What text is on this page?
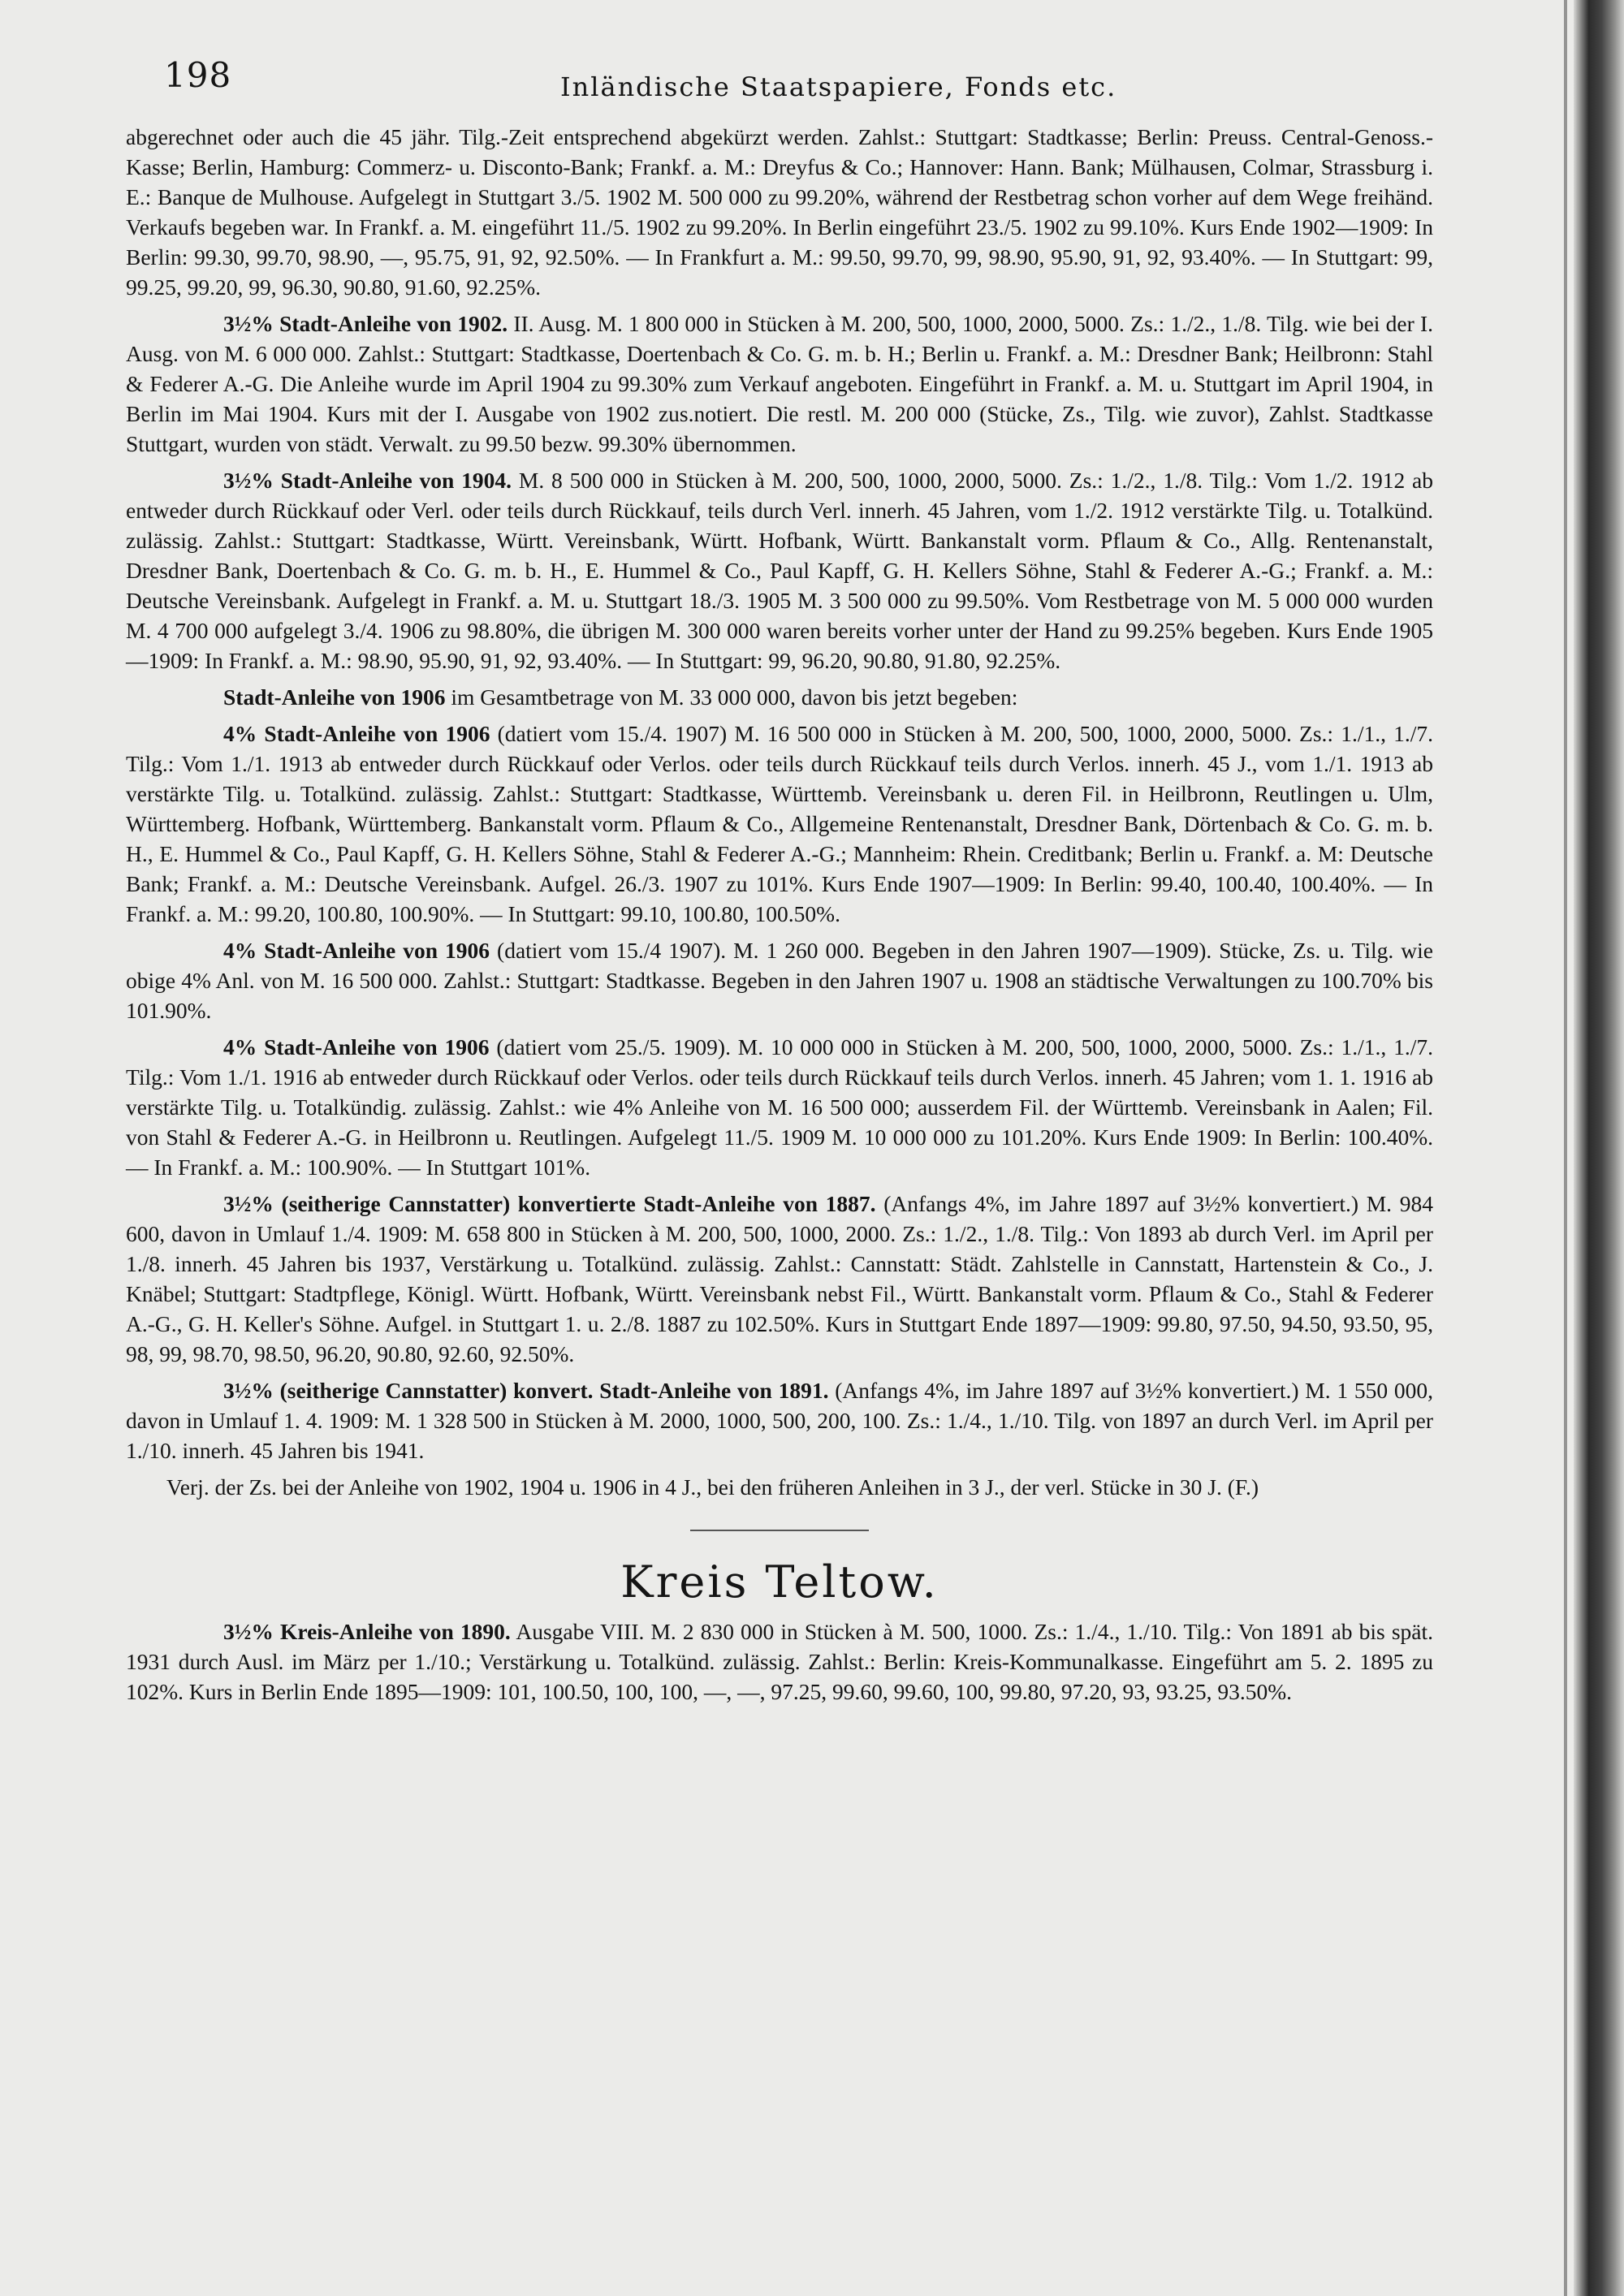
198	Inländische Staatspapiere, Fonds etc.

abgerechnet oder auch die 45 jähr. Tilg.-Zeit entsprechend abgekürzt werden. Zahlst.: Stuttgart: Stadtkasse; Berlin: Preuss. Central-Genoss.-Kasse; Berlin, Hamburg: Commerz- u. Disconto-Bank; Frankf. a. M.: Dreyfus & Co.; Hannover: Hann. Bank; Mülhausen, Colmar, Strassburg i. E.: Banque de Mulhouse. Aufgelegt in Stuttgart 3./5. 1902 M. 500 000 zu 99.20%, während der Restbetrag schon vorher auf dem Wege freihänd. Verkaufs begeben war. In Frankf. a. M. eingeführt 11./5. 1902 zu 99.20%. In Berlin eingeführt 23./5. 1902 zu 99.10%. Kurs Ende 1902—1909: In Berlin: 99.30, 99.70, 98.90, —, 95.75, 91, 92, 92.50%. — In Frankfurt a. M.: 99.50, 99.70, 99, 98.90, 95.90, 91, 92, 93.40%. — In Stuttgart: 99, 99.25, 99.20, 99, 96.30, 90.80, 91.60, 92.25%.

3½% Stadt-Anleihe von 1902. II. Ausg. M. 1 800 000 in Stücken à M. 200, 500, 1000, 2000, 5000. Zs.: 1./2., 1./8. Tilg. wie bei der I. Ausg. von M. 6 000 000. Zahlst.: Stuttgart: Stadtkasse, Doertenbach & Co. G. m. b. H.; Berlin u. Frankf. a. M.: Dresdner Bank; Heilbronn: Stahl & Federer A.-G. Die Anleihe wurde im April 1904 zu 99.30% zum Verkauf angeboten. Eingeführt in Frankf. a. M. u. Stuttgart im April 1904, in Berlin im Mai 1904. Kurs mit der I. Ausgabe von 1902 zus.notiert. Die restl. M. 200 000 (Stücke, Zs., Tilg. wie zuvor), Zahlst. Stadtkasse Stuttgart, wurden von städt. Verwalt. zu 99.50 bezw. 99.30% übernommen.

3½% Stadt-Anleihe von 1904. M. 8 500 000 in Stücken à M. 200, 500, 1000, 2000, 5000. Zs.: 1./2., 1./8. Tilg.: Vom 1./2. 1912 ab entweder durch Rückkauf oder Verl. oder teils durch Rückkauf, teils durch Verl. innerh. 45 Jahren, vom 1./2. 1912 verstärkte Tilg. u. Totalkünd. zulässig. Zahlst.: Stuttgart: Stadtkasse, Württ. Vereinsbank, Württ. Hofbank, Württ. Bankanstalt vorm. Pflaum & Co., Allg. Rentenanstalt, Dresdner Bank, Doertenbach & Co. G. m. b. H., E. Hummel & Co., Paul Kapff, G. H. Kellers Söhne, Stahl & Federer A.-G.; Frankf. a. M.: Deutsche Vereinsbank. Aufgelegt in Frankf. a. M. u. Stuttgart 18./3. 1905 M. 3 500 000 zu 99.50%. Vom Restbetrage von M. 5 000 000 wurden M. 4 700 000 aufgelegt 3./4. 1906 zu 98.80%, die übrigen M. 300 000 waren bereits vorher unter der Hand zu 99.25% begeben. Kurs Ende 1905—1909: In Frankf. a. M.: 98.90, 95.90, 91, 92, 93.40%. — In Stuttgart: 99, 96.20, 90.80, 91.80, 92.25%.

Stadt-Anleihe von 1906 im Gesamtbetrage von M. 33 000 000, davon bis jetzt begeben:

4% Stadt-Anleihe von 1906 (datiert vom 15./4. 1907) M. 16 500 000 in Stücken à M. 200, 500, 1000, 2000, 5000. Zs.: 1./1., 1./7. Tilg.: Vom 1./1. 1913 ab entweder durch Rückkauf oder Verlos. oder teils durch Rückkauf teils durch Verlos. innerh. 45 J., vom 1./1. 1913 ab verstärkte Tilg. u. Totalkünd. zulässig. Zahlst.: Stuttgart: Stadtkasse, Württemb. Vereinsbank u. deren Fil. in Heilbronn, Reutlingen u. Ulm, Württemberg. Hofbank, Württemberg. Bankanstalt vorm. Pflaum & Co., Allgemeine Rentenanstalt, Dresdner Bank, Dörtenbach & Co. G. m. b. H., E. Hummel & Co., Paul Kapff, G. H. Kellers Söhne, Stahl & Federer A.-G.; Mannheim: Rhein. Creditbank; Berlin u. Frankf. a. M: Deutsche Bank; Frankf. a. M.: Deutsche Vereinsbank. Aufgel. 26./3. 1907 zu 101%. Kurs Ende 1907—1909: In Berlin: 99.40, 100.40, 100.40%. — In Frankf. a. M.: 99.20, 100.80, 100.90%. — In Stuttgart: 99.10, 100.80, 100.50%.

4% Stadt-Anleihe von 1906 (datiert vom 15./4 1907). M. 1 260 000. Begeben in den Jahren 1907—1909). Stücke, Zs. u. Tilg. wie obige 4% Anl. von M. 16 500 000. Zahlst.: Stuttgart: Stadtkasse. Begeben in den Jahren 1907 u. 1908 an städtische Verwaltungen zu 100.70% bis 101.90%.

4% Stadt-Anleihe von 1906 (datiert vom 25./5. 1909). M. 10 000 000 in Stücken à M. 200, 500, 1000, 2000, 5000. Zs.: 1./1., 1./7. Tilg.: Vom 1./1. 1916 ab entweder durch Rückkauf oder Verlos. oder teils durch Rückkauf teils durch Verlos. innerh. 45 Jahren; vom 1. 1. 1916 ab verstärkte Tilg. u. Totalkündig. zulässig. Zahlst.: wie 4% Anleihe von M. 16 500 000; ausserdem Fil. der Württemb. Vereinsbank in Aalen; Fil. von Stahl & Federer A.-G. in Heilbronn u. Reutlingen. Aufgelegt 11./5. 1909 M. 10 000 000 zu 101.20%. Kurs Ende 1909: In Berlin: 100.40%. — In Frankf. a. M.: 100.90%. — In Stuttgart 101%.

3½% (seitherige Cannstatter) konvertierte Stadt-Anleihe von 1887. (Anfangs 4%, im Jahre 1897 auf 3½% konvertiert.) M. 984 600, davon in Umlauf 1./4. 1909: M. 658 800 in Stücken à M. 200, 500, 1000, 2000. Zs.: 1./2., 1./8. Tilg.: Von 1893 ab durch Verl. im April per 1./8. innerh. 45 Jahren bis 1937, Verstärkung u. Totalkünd. zulässig. Zahlst.: Cannstatt: Städt. Zahlstelle in Cannstatt, Hartenstein & Co., J. Knäbel; Stuttgart: Stadtpflege, Königl. Württ. Hofbank, Württ. Vereinsbank nebst Fil., Württ. Bankanstalt vorm. Pflaum & Co., Stahl & Federer A.-G., G. H. Keller's Söhne. Aufgel. in Stuttgart 1. u. 2./8. 1887 zu 102.50%. Kurs in Stuttgart Ende 1897—1909: 99.80, 97.50, 94.50, 93.50, 95, 98, 99, 98.70, 98.50, 96.20, 90.80, 92.60, 92.50%.

3½% (seitherige Cannstatter) konvert. Stadt-Anleihe von 1891. (Anfangs 4%, im Jahre 1897 auf 3½% konvertiert.) M. 1 550 000, davon in Umlauf 1. 4. 1909: M. 1 328 500 in Stücken à M. 2000, 1000, 500, 200, 100. Zs.: 1./4., 1./10. Tilg. von 1897 an durch Verl. im April per 1./10. innerh. 45 Jahren bis 1941.

Verj. der Zs. bei der Anleihe von 1902, 1904 u. 1906 in 4 J., bei den früheren Anleihen in 3 J., der verl. Stücke in 30 J. (F.)

Kreis Teltow.

3½% Kreis-Anleihe von 1890. Ausgabe VIII. M. 2 830 000 in Stücken à M. 500, 1000. Zs.: 1./4., 1./10. Tilg.: Von 1891 ab bis spät. 1931 durch Ausl. im März per 1./10.; Verstärkung u. Totalkünd. zulässig. Zahlst.: Berlin: Kreis-Kommunalkasse. Eingeführt am 5. 2. 1895 zu 102%. Kurs in Berlin Ende 1895—1909: 101, 100.50, 100, 100, —, —, 97.25, 99.60, 99.60, 100, 99.80, 97.20, 93, 93.25, 93.50%.
